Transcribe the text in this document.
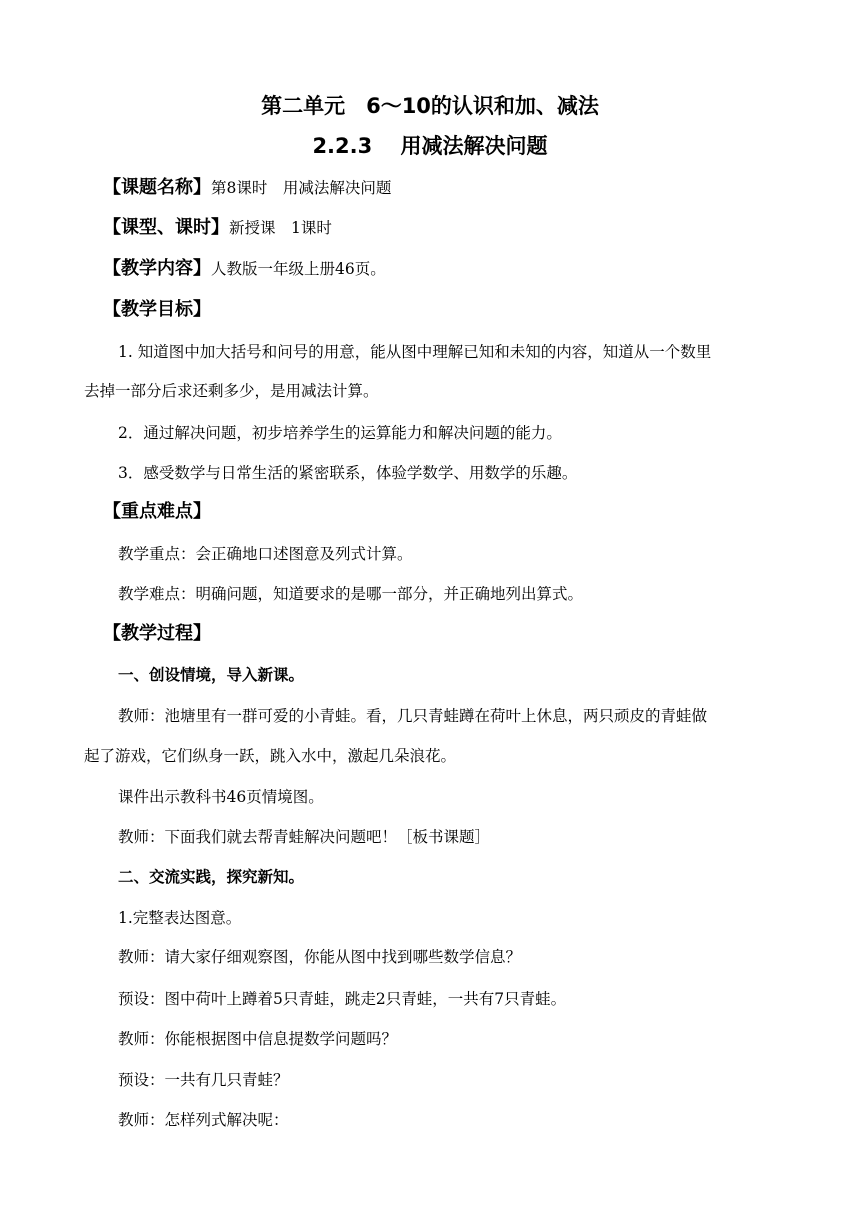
第二单元　6～10的认识和加、减法
2.2.3　 用减法解决问题
【课题名称】第8课时　用减法解决问题
【课型、课时】新授课　1课时
【教学内容】人教版一年级上册46页。
【教学目标】
1. 知道图中加大括号和问号的用意，能从图中理解已知和未知的内容，知道从一个数里
去掉一部分后求还剩多少，是用减法计算。
2．通过解决问题，初步培养学生的运算能力和解决问题的能力。
3．感受数学与日常生活的紧密联系，体验学数学、用数学的乐趣。
【重点难点】
教学重点：会正确地口述图意及列式计算。
教学难点：明确问题，知道要求的是哪一部分，并正确地列出算式。
【教学过程】
一、创设情境，导入新课。
教师：池塘里有一群可爱的小青蛙。看，几只青蛙蹲在荷叶上休息，两只顽皮的青蛙做
起了游戏，它们纵身一跃，跳入水中，激起几朵浪花。
课件出示教科书46页情境图。
教师：下面我们就去帮青蛙解决问题吧！［板书课题］
二、交流实践，探究新知。
1.完整表达图意。
教师：请大家仔细观察图，你能从图中找到哪些数学信息？
预设：图中荷叶上蹲着5只青蛙，跳走2只青蛙，一共有7只青蛙。
教师：你能根据图中信息提数学问题吗？
预设：一共有几只青蛙？
教师：怎样列式解决呢：
